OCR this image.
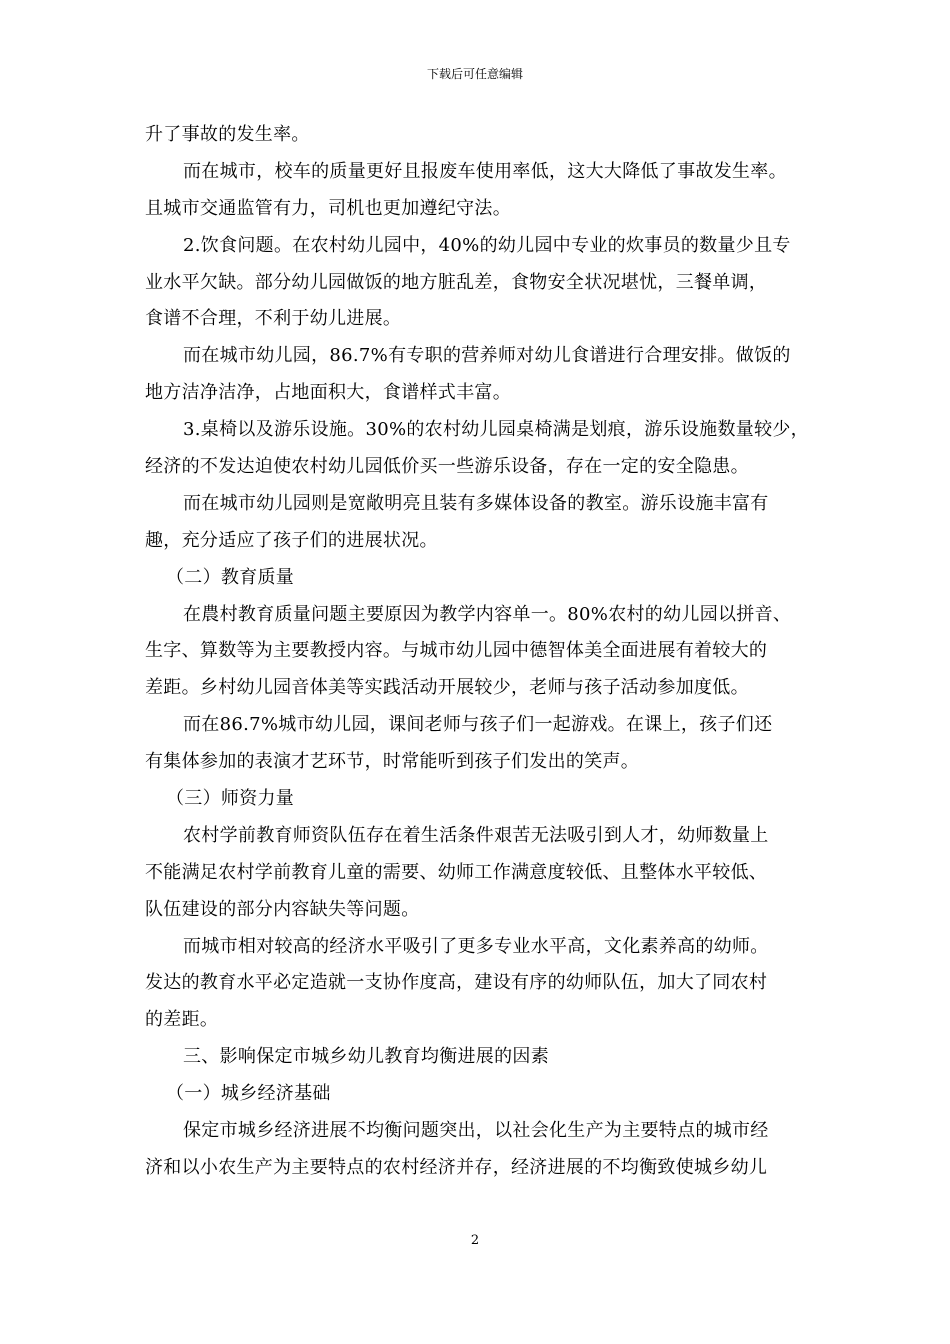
下载后可任意编辑
升了事故的发生率。
而在城市，校车的质量更好且报废车使用率低，这大大降低了事故发生率。
且城市交通监管有力，司机也更加遵纪守法。
2.饮食问题。在农村幼儿园中，40%的幼儿园中专业的炊事员的数量少且专
业水平欠缺。部分幼儿园做饭的地方脏乱差，食物安全状况堪忧，三餐单调，
食谱不合理，不利于幼儿进展。
而在城市幼儿园，86.7%有专职的营养师对幼儿食谱进行合理安排。做饭的
地方洁净洁净，占地面积大，食谱样式丰富。
3.桌椅以及游乐设施。30%的农村幼儿园桌椅满是划痕，游乐设施数量较少，
经济的不发达迫使农村幼儿园低价买一些游乐设备，存在一定的安全隐患。
而在城市幼儿园则是宽敞明亮且装有多媒体设备的教室。游乐设施丰富有
趣，充分适应了孩子们的进展状况。
（二）教育质量
在農村教育质量问题主要原因为教学内容单一。80%农村的幼儿园以拼音、
生字、算数等为主要教授内容。与城市幼儿园中德智体美全面进展有着较大的
差距。乡村幼儿园音体美等实践活动开展较少，老师与孩子活动参加度低。
而在86.7%城市幼儿园，课间老师与孩子们一起游戏。在课上，孩子们还
有集体参加的表演才艺环节，时常能听到孩子们发出的笑声。
（三）师资力量
农村学前教育师资队伍存在着生活条件艰苦无法吸引到人才，幼师数量上
不能满足农村学前教育儿童的需要、幼师工作满意度较低、且整体水平较低、
队伍建设的部分内容缺失等问题。
而城市相对较高的经济水平吸引了更多专业水平高，文化素养高的幼师。
发达的教育水平必定造就一支协作度高，建设有序的幼师队伍，加大了同农村
的差距。
三、影响保定市城乡幼儿教育均衡进展的因素
（一）城乡经济基础
保定市城乡经济进展不均衡问题突出，以社会化生产为主要特点的城市经
济和以小农生产为主要特点的农村经济并存，经济进展的不均衡致使城乡幼儿
2
